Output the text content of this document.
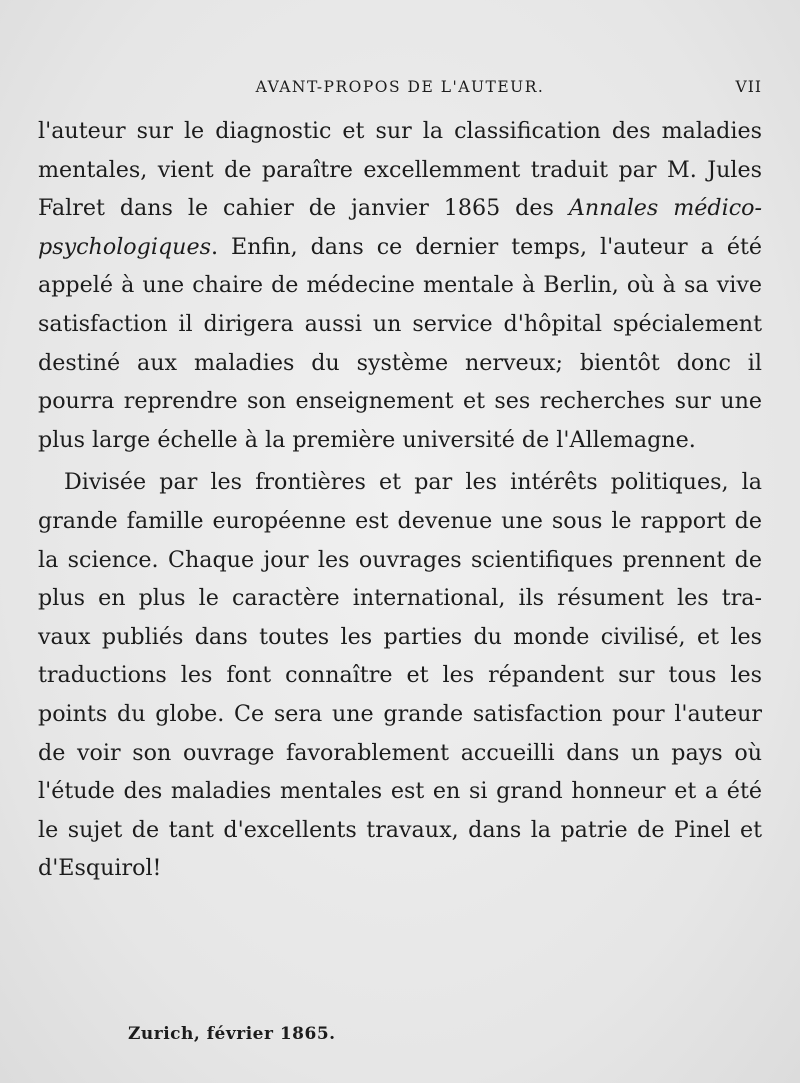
AVANT-PROPOS DE L'AUTEUR.	VII

l'auteur sur le diagnostic et sur la classification des maladies
mentales, vient de paraître excellemment traduit par M. Jules
Falret dans le cahier de janvier 1865 des Annales médico-
psychologiques. Enfin, dans ce dernier temps, l'auteur a été
appelé à une chaire de médecine mentale à Berlin, où à sa vive
satisfaction il dirigera aussi un service d'hôpital spécialement
destiné aux maladies du système nerveux; bientôt donc il
pourra reprendre son enseignement et ses recherches sur une
plus large échelle à la première université de l'Allemagne.

Divisée par les frontières et par les intérêts politiques, la
grande famille européenne est devenue une sous le rapport de
la science. Chaque jour les ouvrages scientifiques prennent de
plus en plus le caractère international, ils résument les tra-
vaux publiés dans toutes les parties du monde civilisé, et les
traductions les font connaître et les répandent sur tous les
points du globe. Ce sera une grande satisfaction pour l'auteur
de voir son ouvrage favorablement accueilli dans un pays où
l'étude des maladies mentales est en si grand honneur et a été
le sujet de tant d'excellents travaux, dans la patrie de Pinel et
d'Esquirol!

Zurich, février 1865.
